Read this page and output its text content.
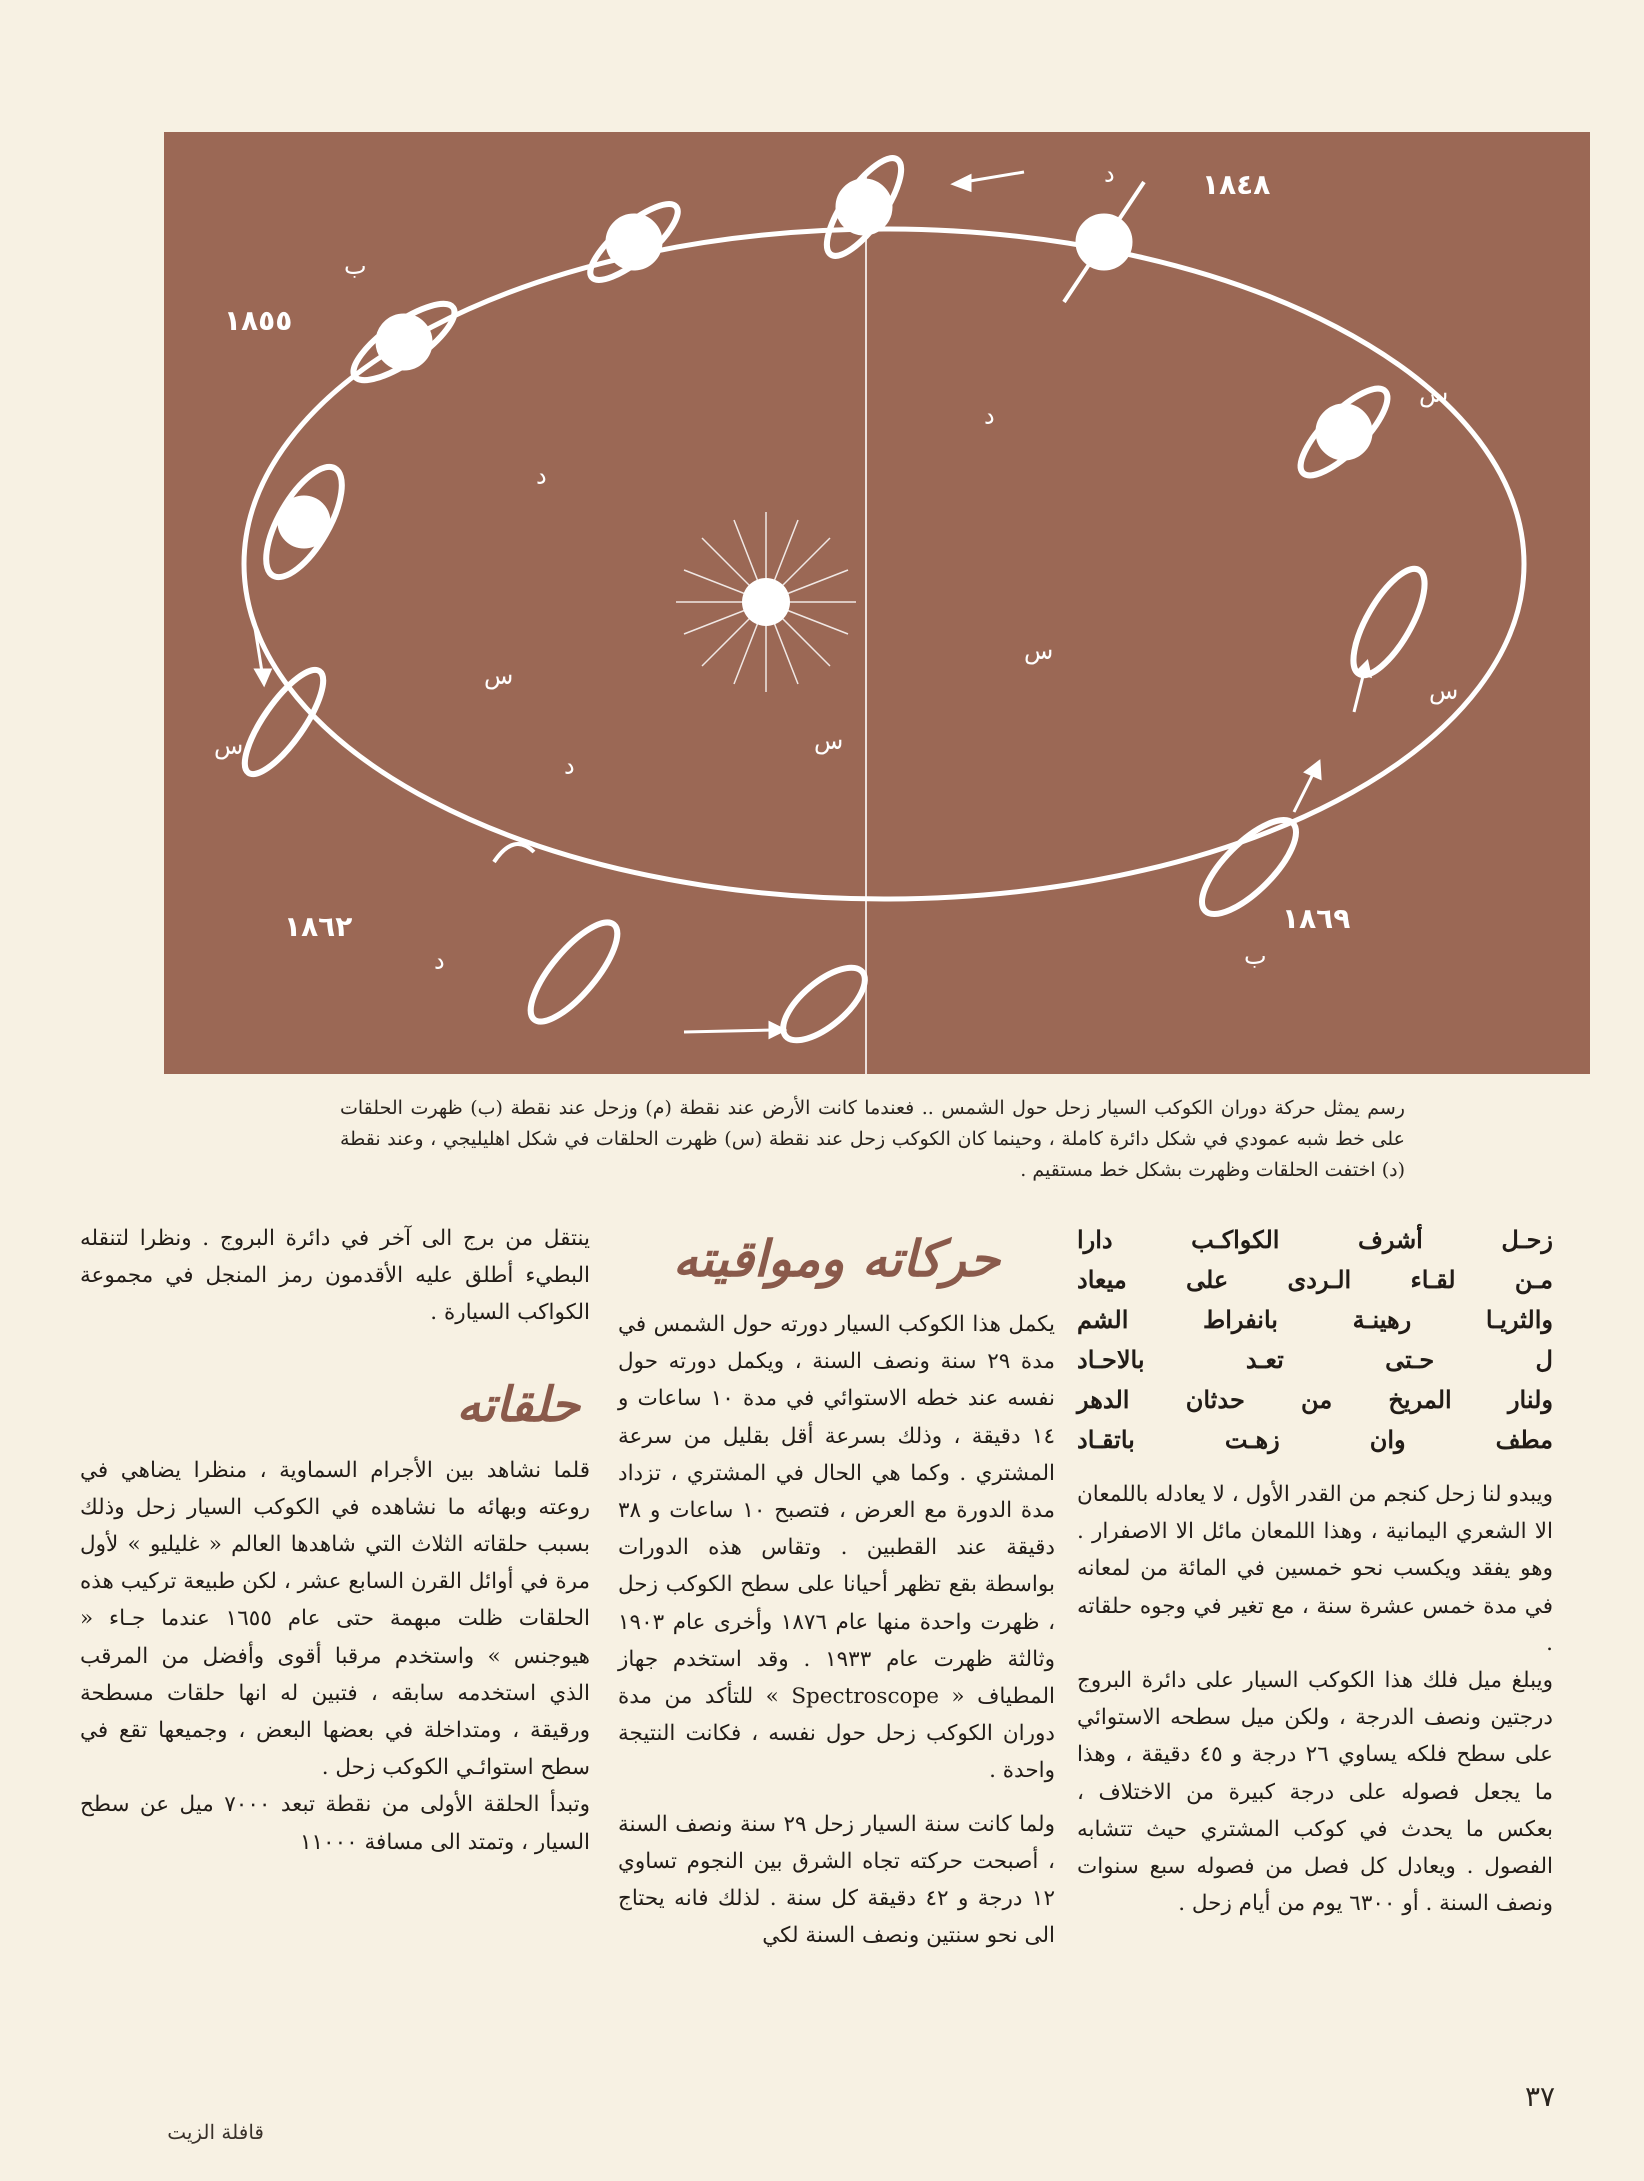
١٨٤٨
١٨٥٥
١٨٦٢	١٨٦٩
ب
ب
س
س
س
س
س
س
د
د
د
د
د
رسم يمثل حركة دوران الكوكب السيار زحل حول الشمس .. فعندما كانت الأرض عند نقطة (م) وزحل عند نقطة (ب) ظهرت الحلقات على خط شبه عمودي في شكل دائرة كاملة ، وحينما كان الكوكب زحل عند نقطة (س) ظهرت الحلقات في شكل اهليليجي ، وعند نقطة (د) اختفت الحلقات وظهرت بشكل خط مستقيم .

زحـل أشرف الكواكـب دارا

مـن لقـاء الـردى على ميعاد

والثريـا رهينـة بانفراط الشم

ل حـتى تعـد بالاحـاد

ولنار المريخ من حدثان الدهر

مطف وان زهـت باتقـاد

ويبدو لنا زحل كنجم من القدر الأول ، لا يعادله باللمعان الا الشعري اليمانية ، وهذا اللمعان مائل الا الاصفرار . وهو يفقد ويكسب نحو خمسين في المائة من لمعانه في مدة خمس عشرة سنة ، مع تغير في وجوه حلقاته .

ويبلغ ميل فلك هذا الكوكب السيار على دائرة البروج درجتين ونصف الدرجة ، ولكن ميل سطحه الاستوائي على سطح فلكه يساوي ٢٦ درجة و ٤٥ دقيقة ، وهذا ما يجعل فصوله على درجة كبيرة من الاختلاف ، بعكس ما يحدث في كوكب المشتري حيث تتشابه الفصول . ويعادل كل فصل من فصوله سبع سنوات ونصف السنة . أو ٦٣٠٠ يوم من أيام زحل .

حركاته ومواقيته

يكمل هذا الكوكب السيار دورته حول الشمس في مدة ٢٩ سنة ونصف السنة ، ويكمل دورته حول نفسه عند خطه الاستوائي في مدة ١٠ ساعات و ١٤ دقيقة ، وذلك بسرعة أقل بقليل من سرعة المشتري . وكما هي الحال في المشتري ، تزداد مدة الدورة مع العرض ، فتصبح ١٠ ساعات و ٣٨ دقيقة عند القطبين . وتقاس هذه الدورات بواسطة بقع تظهر أحيانا على سطح الكوكب زحل ، ظهرت واحدة منها عام ١٨٧٦ وأخرى عام ١٩٠٣ وثالثة ظهرت عام ١٩٣٣ . وقد استخدم جهاز المطياف « Spectroscope » للتأكد من مدة دوران الكوكب زحل حول نفسه ، فكانت النتيجة واحدة .

ولما كانت سنة السيار زحل ٢٩ سنة ونصف السنة ، أصبحت حركته تجاه الشرق بين النجوم تساوي ١٢ درجة و ٤٢ دقيقة كل سنة . لذلك فانه يحتاج الى نحو سنتين ونصف السنة لكي

ينتقل من برج الى آخر في دائرة البروج . ونظرا لتنقله البطيء أطلق عليه الأقدمون رمز المنجل في مجموعة الكواكب السيارة .

حلقاته

قلما نشاهد بين الأجرام السماوية ، منظرا يضاهي في روعته وبهائه ما نشاهده في الكوكب السيار زحل وذلك بسبب حلقاته الثلاث التي شاهدها العالم « غليليو » لأول مرة في أوائل القرن السابع عشر ، لكن طبيعة تركيب هذه الحلقات ظلت مبهمة حتى عام ١٦٥٥ عندما جـاء « هيوجنس » واستخدم مرقبا أقوى وأفضل من المرقب الذي استخدمه سابقه ، فتبين له انها حلقات مسطحة ورقيقة ، ومتداخلة في بعضها البعض ، وجميعها تقع في سطح استوائـي الكوكب زحل .

وتبدأ الحلقة الأولى من نقطة تبعد ٧٠٠٠ ميل عن سطح السيار ، وتمتد الى مسافة ١١٠٠٠

٣٧
قافلة الزيت
